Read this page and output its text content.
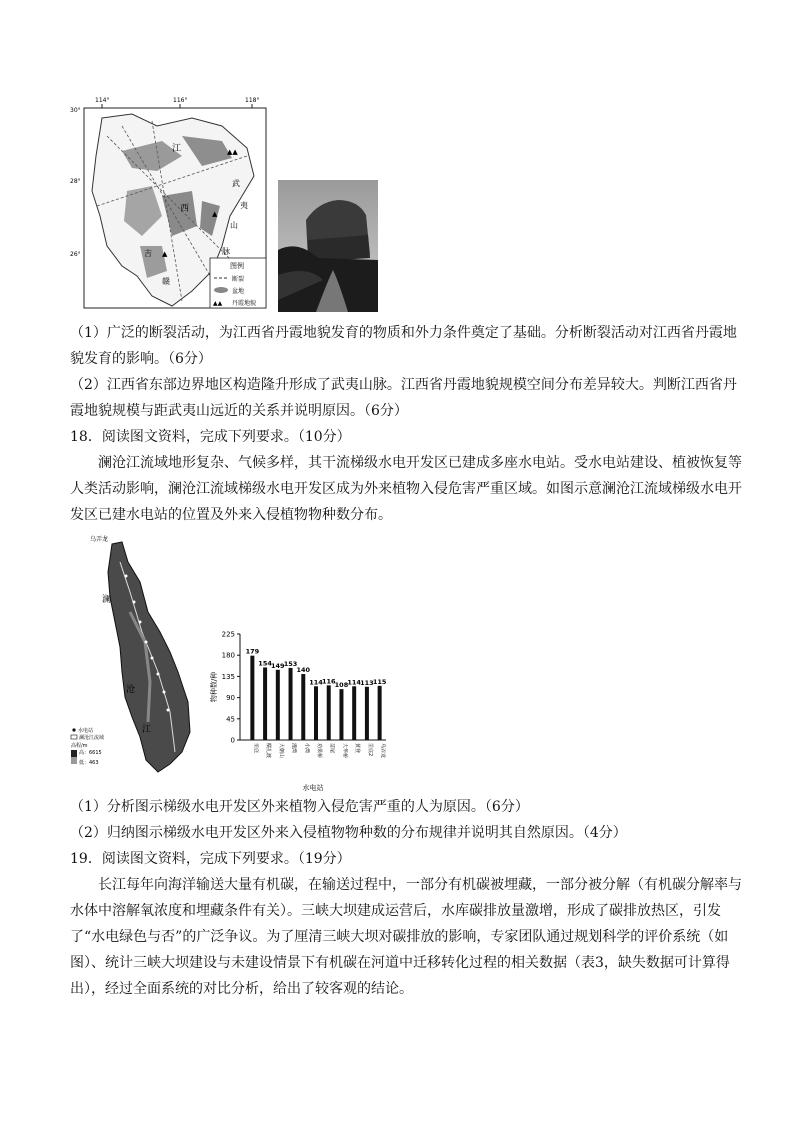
114°	116°	118°
30°
28°
26°
▲▲
▲
▲
江
西
武
夷
山
脉
吉
赣
图例
断裂
盆地
▲▲ 丹霞地貌

（1）广泛的断裂活动，为江西省丹霞地貌发育的物质和外力条件奠定了基础。分析断裂活动对江西省丹霞地貌发育的影响。（6分）

（2）江西省东部边界地区构造隆升形成了武夷山脉。江西省丹霞地貌规模空间分布差异较大。判断江西省丹霞地貌规模与距武夷山远近的关系并说明原因。（6分）

18．阅读图文资料，完成下列要求。（10分）

澜沧江流域地形复杂、气候多样，其干流梯级水电开发区已建成多座水电站。受水电站建设、植被恢复等人类活动影响，澜沧江流域梯级水电开发区成为外来植物入侵危害严重区域。如图示意澜沧江流域梯级水电开发区已建水电站的位置及外来入侵植物物种数分布。

乌弄龙
澜
沧
江
水电站
澜沧江流域
高程/m
高：6615
低：463
0
45
90
135
180
225
物种数/种
179
里底
154
糯扎渡
149
大朝山
153
漫湾
140
小湾
114
功果桥
116
苗尾
108
大华桥
114
黄登
113
里底2
115
乌弄龙
水电站
（1）分析图示梯级水电开发区外来植物入侵危害严重的人为原因。（6分）
（2）归纳图示梯级水电开发区外来入侵植物物种数的分布规律并说明其自然原因。（4分）
19．阅读图文资料，完成下列要求。（19分）

长江每年向海洋输送大量有机碳，在输送过程中，一部分有机碳被埋藏，一部分被分解（有机碳分解率与水体中溶解氧浓度和埋藏条件有关）。三峡大坝建成运营后，水库碳排放量激增，形成了碳排放热区，引发了“水电绿色与否”的广泛争议。为了厘清三峡大坝对碳排放的影响，专家团队通过规划科学的评价系统（如图）、统计三峡大坝建设与未建设情景下有机碳在河道中迁移转化过程的相关数据（表3，缺失数据可计算得出），经过全面系统的对比分析，给出了较客观的结论。
